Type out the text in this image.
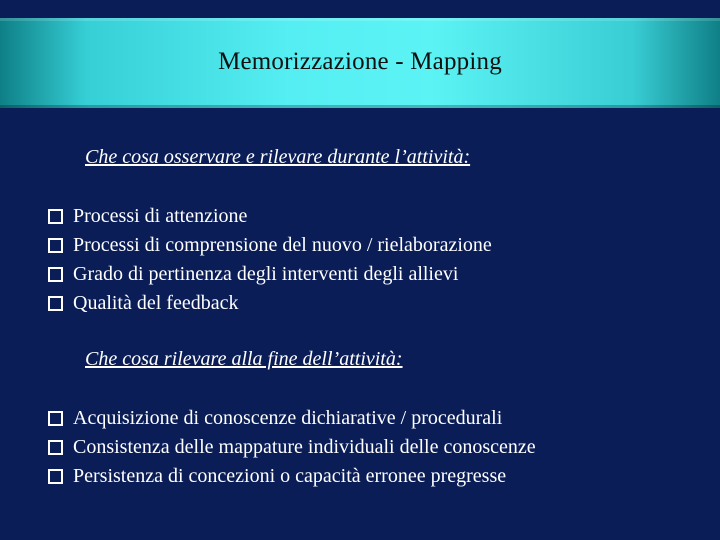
Memorizzazione - Mapping
Che cosa osservare e rilevare durante l’attività:
Processi di attenzione
Processi di comprensione del nuovo / rielaborazione
Grado di pertinenza degli interventi degli allievi
Qualità del feedback
Che cosa rilevare alla fine dell’attività:
Acquisizione di conoscenze dichiarative / procedurali
Consistenza delle mappature individuali delle conoscenze
Persistenza di concezioni o capacità erronee pregresse
